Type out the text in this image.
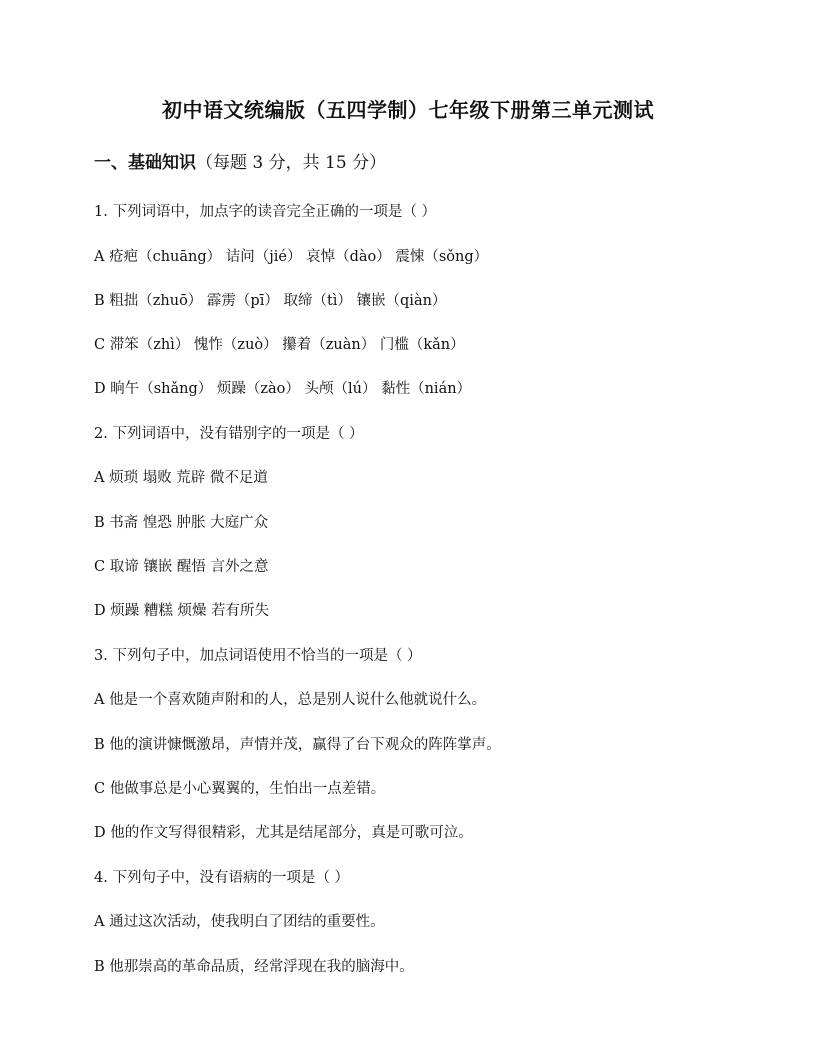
初中语文统编版（五四学制）七年级下册第三单元测试
一、基础知识（每题 3 分，共 15 分）
1. 下列词语中，加点字的读音完全正确的一项是（ ）
A 疮疤（chuāng） 诘问（jié） 哀悼（dào） 震悚（sǒng）
B 粗拙（zhuō） 霹雳（pī） 取缔（tì） 镶嵌（qiàn）
C 滞笨（zhì） 愧怍（zuò） 攥着（zuàn） 门槛（kǎn）
D 晌午（shǎng） 烦躁（zào） 头颅（lú） 黏性（nián）
2. 下列词语中，没有错别字的一项是（ ）
A 烦琐 塌败 荒辟 微不足道
B 书斋 惶恐 肿胀 大庭广众
C 取谛 镶嵌 醒悟 言外之意
D 烦躁 糟糕 烦燥 若有所失
3. 下列句子中，加点词语使用不恰当的一项是（ ）
A 他是一个喜欢随声附和的人，总是别人说什么他就说什么。
B 他的演讲慷慨激昂，声情并茂，赢得了台下观众的阵阵掌声。
C 他做事总是小心翼翼的，生怕出一点差错。
D 他的作文写得很精彩，尤其是结尾部分，真是可歌可泣。
4. 下列句子中，没有语病的一项是（ ）
A 通过这次活动，使我明白了团结的重要性。
B 他那崇高的革命品质，经常浮现在我的脑海中。
